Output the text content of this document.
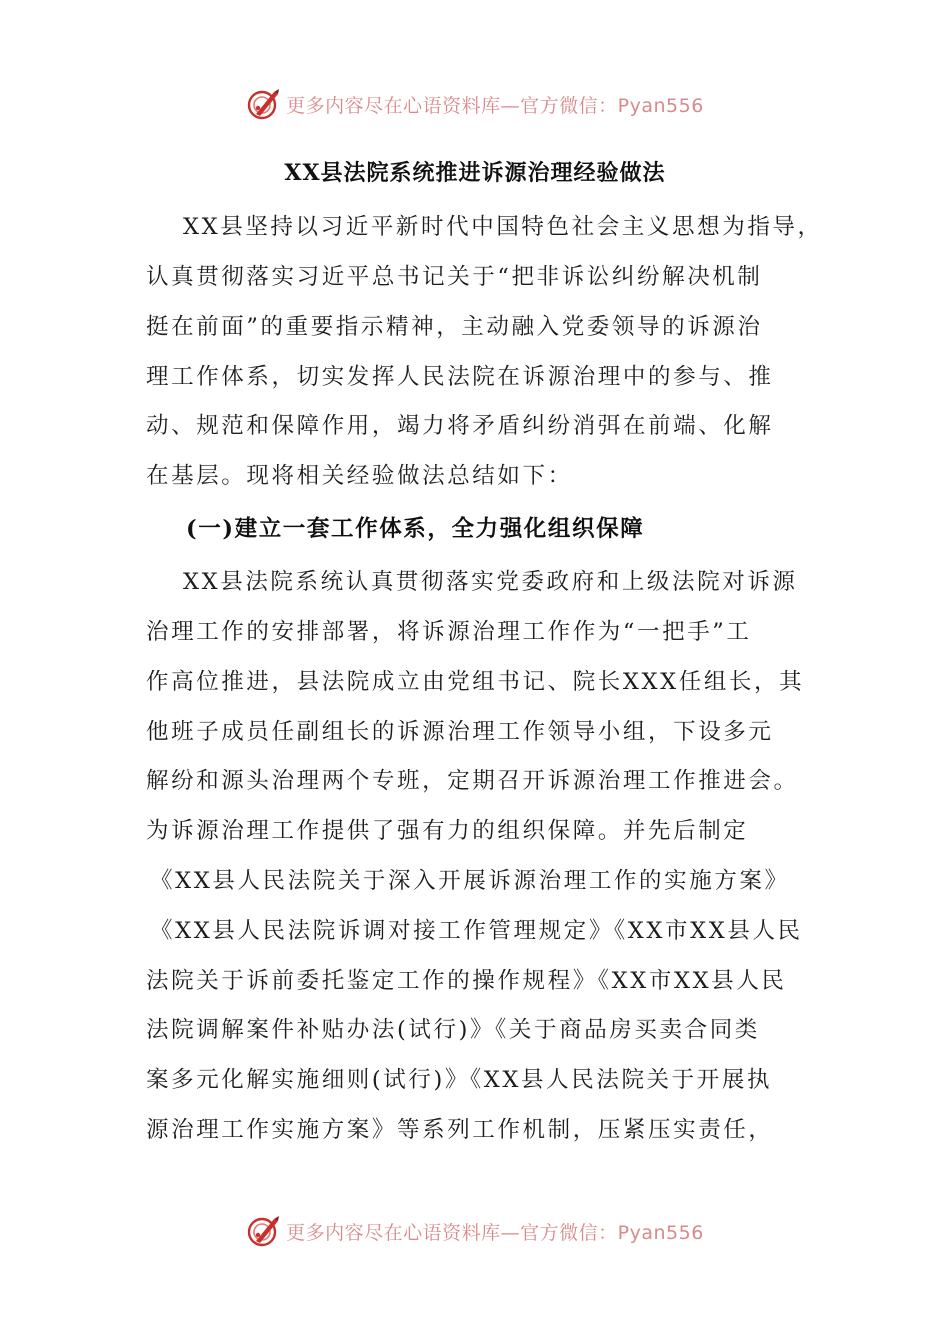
更多内容尽在心语资料库—官方微信：Pyan556
XX县法院系统推进诉源治理经验做法
XX县坚持以习近平新时代中国特色社会主义思想为指导，
认真贯彻落实习近平总书记关于“把非诉讼纠纷解决机制
挺在前面”的重要指示精神，主动融入党委领导的诉源治
理工作体系，切实发挥人民法院在诉源治理中的参与、推
动、规范和保障作用，竭力将矛盾纠纷消弭在前端、化解
在基层。现将相关经验做法总结如下：
(一)建立一套工作体系，全力强化组织保障
XX县法院系统认真贯彻落实党委政府和上级法院对诉源
治理工作的安排部署，将诉源治理工作作为“一把手”工
作高位推进，县法院成立由党组书记、院长XXX任组长，其
他班子成员任副组长的诉源治理工作领导小组，下设多元
解纷和源头治理两个专班，定期召开诉源治理工作推进会。
为诉源治理工作提供了强有力的组织保障。并先后制定
《XX县人民法院关于深入开展诉源治理工作的实施方案》
《XX县人民法院诉调对接工作管理规定》《XX市XX县人民
法院关于诉前委托鉴定工作的操作规程》《XX市XX县人民
法院调解案件补贴办法(试行)》《关于商品房买卖合同类
案多元化解实施细则(试行)》《XX县人民法院关于开展执
源治理工作实施方案》等系列工作机制，压紧压实责任，
更多内容尽在心语资料库—官方微信：Pyan556
